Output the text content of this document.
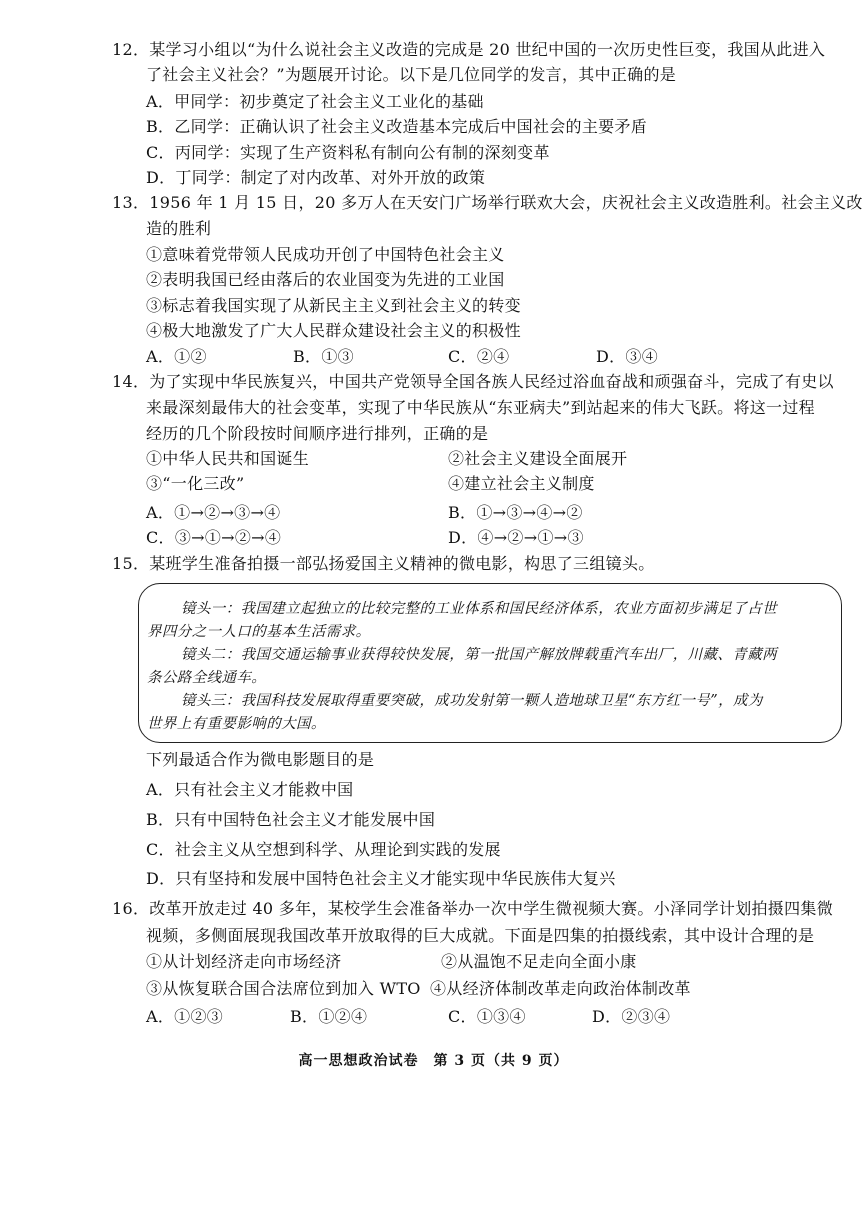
12．某学习小组以“为什么说社会主义改造的完成是 20 世纪中国的一次历史性巨变，我国从此进入
了社会主义社会？”为题展开讨论。以下是几位同学的发言，其中正确的是
A．甲同学：初步奠定了社会主义工业化的基础
B．乙同学：正确认识了社会主义改造基本完成后中国社会的主要矛盾
C．丙同学：实现了生产资料私有制向公有制的深刻变革
D．丁同学：制定了对内改革、对外开放的政策
13．1956 年 1 月 15 日，20 多万人在天安门广场举行联欢大会，庆祝社会主义改造胜利。社会主义改
造的胜利
①意味着党带领人民成功开创了中国特色社会主义
②表明我国已经由落后的农业国变为先进的工业国
③标志着我国实现了从新民主主义到社会主义的转变
④极大地激发了广大人民群众建设社会主义的积极性
A．①②	B．①③	C．②④	D．③④
14．为了实现中华民族复兴，中国共产党领导全国各族人民经过浴血奋战和顽强奋斗，完成了有史以
来最深刻最伟大的社会变革，实现了中华民族从“东亚病夫”到站起来的伟大飞跃。将这一过程
经历的几个阶段按时间顺序进行排列，正确的是
①中华人民共和国诞生	②社会主义建设全面展开
③“一化三改”	④建立社会主义制度
A．①→②→③→④	B．①→③→④→②
C．③→①→②→④	D．④→②→①→③
15．某班学生准备拍摄一部弘扬爱国主义精神的微电影，构思了三组镜头。
镜头一：我国建立起独立的比较完整的工业体系和国民经济体系，农业方面初步满足了占世
界四分之一人口的基本生活需求。
镜头二：我国交通运输事业获得较快发展，第一批国产解放牌载重汽车出厂，川藏、青藏两
条公路全线通车。
镜头三：我国科技发展取得重要突破，成功发射第一颗人造地球卫星“东方红一号”，成为
世界上有重要影响的大国。
下列最适合作为微电影题目的是
A．只有社会主义才能救中国
B．只有中国特色社会主义才能发展中国
C．社会主义从空想到科学、从理论到实践的发展
D．只有坚持和发展中国特色社会主义才能实现中华民族伟大复兴
16．改革开放走过 40 多年，某校学生会准备举办一次中学生微视频大赛。小泽同学计划拍摄四集微
视频，多侧面展现我国改革开放取得的巨大成就。下面是四集的拍摄线索，其中设计合理的是
①从计划经济走向市场经济	②从温饱不足走向全面小康
③从恢复联合国合法席位到加入 WTO ④从经济体制改革走向政治体制改革
A．①②③	B．①②④	C．①③④	D．②③④
高一思想政治试卷　第 3 页（共 9 页）
